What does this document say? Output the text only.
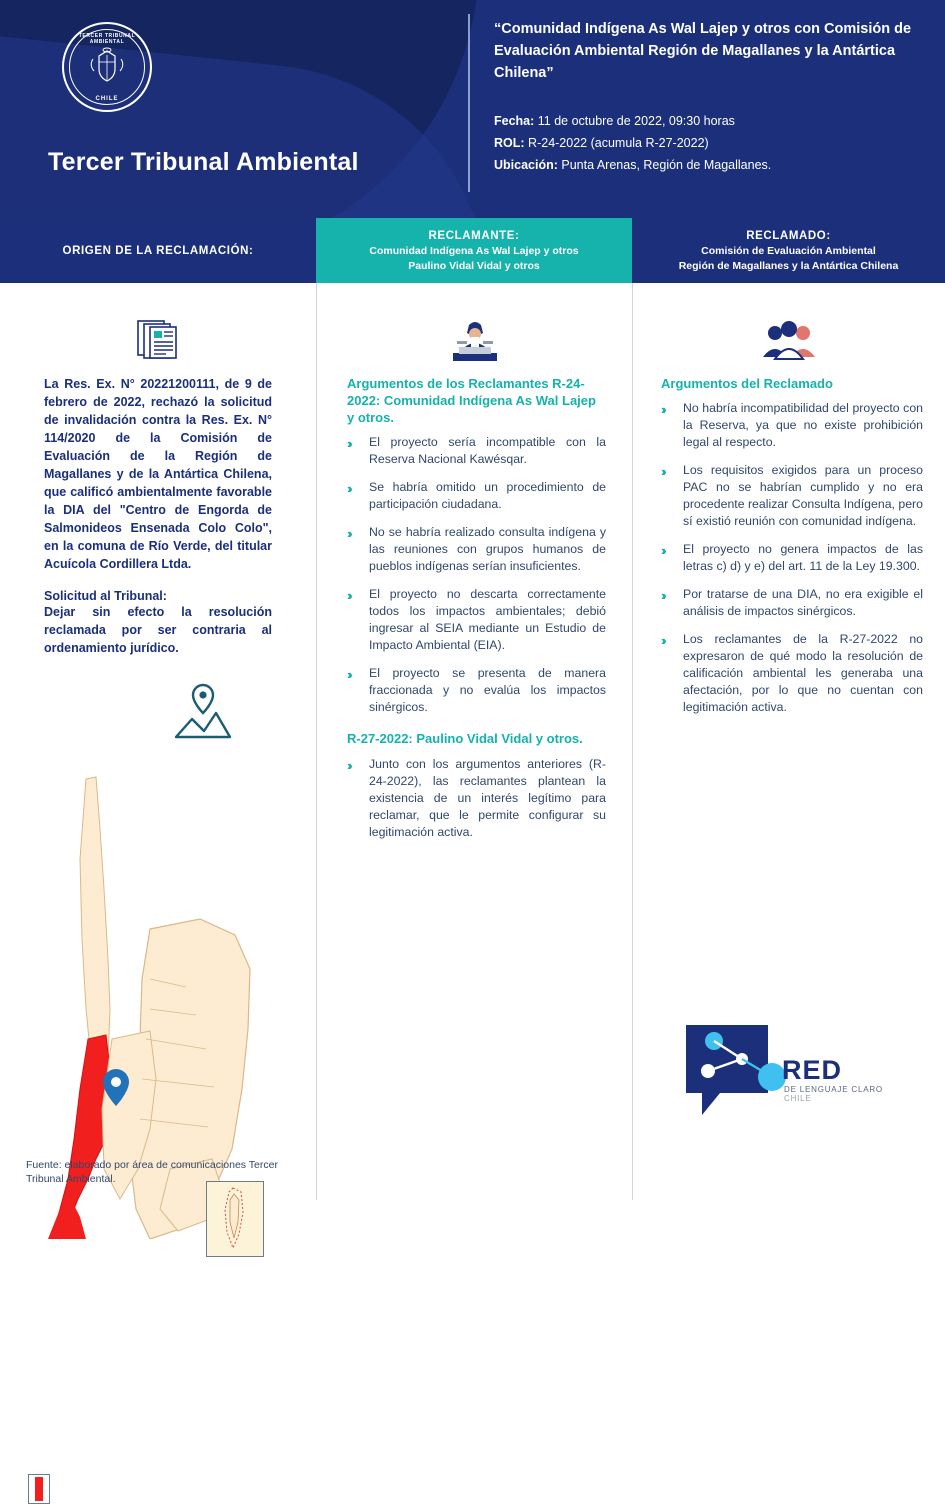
TERCER TRIBUNAL AMBIENTAL
CHILE
Tercer Tribunal Ambiental
“Comunidad Indígena As Wal Lajep y otros con Comisión de Evaluación Ambiental Región de Magallanes y la Antártica Chilena”
Fecha: 11 de octubre de 2022, 09:30 horas
ROL: R-24-2022 (acumula R-27-2022)
Ubicación: Punta Arenas, Región de Magallanes.
ORIGEN DE LA RECLAMACIÓN:
RECLAMANTE:
Comunidad Indígena As Wal Lajep y otros
Paulino Vidal Vidal y otros
RECLAMADO:
Comisión de Evaluación Ambiental
Región de Magallanes y la Antártica Chilena
La Res. Ex. N° 20221200111, de 9 de febrero de 2022, rechazó la solicitud de invalidación contra la Res. Ex. N° 114/2020 de la Comisión de Evaluación de la Región de Magallanes y de la Antártica Chilena, que calificó ambientalmente favorable la DIA del "Centro de Engorda de Salmonideos Ensenada Colo Colo", en la comuna de Río Verde, del titular Acuícola Cordillera Ltda.
Solicitud al Tribunal:
Dejar sin efecto la resolución reclamada por ser contraria al ordenamiento jurídico.
Argumentos de los Reclamantes R-24-2022: Comunidad Indígena As Wal Lajep y otros.
›› El proyecto sería incompatible con la Reserva Nacional Kawésqar.
›› Se habría omitido un procedimiento de participación ciudadana.
›› No se habría realizado consulta indígena y las reuniones con grupos humanos de pueblos indígenas serían insuficientes.
›› El proyecto no descarta correctamente todos los impactos ambientales; debió ingresar al SEIA mediante un Estudio de Impacto Ambiental (EIA).
›› El proyecto se presenta de manera fraccionada y no evalúa los impactos sinérgicos.
R-27-2022: Paulino Vidal Vidal y otros.
›› Junto con los argumentos anteriores (R-24-2022), las reclamantes plantean la existencia de un interés legítimo para reclamar, que le permite configurar su legitimación activa.
Argumentos del Reclamado
›› No habría incompatibilidad del proyecto con la Reserva, ya que no existe prohibición legal al respecto.
›› Los requisitos exigidos para un proceso PAC no se habrían cumplido y no era procedente realizar Consulta Indígena, pero sí existió reunión con comunidad indígena.
›› El proyecto no genera impactos de las letras c) d) y e) del art. 11 de la Ley 19.300.
›› Por tratarse de una DIA, no era exigible el análisis de impactos sinérgicos.
›› Los reclamantes de la R-27-2022 no expresaron de qué modo la resolución de calificación ambiental les generaba una afectación, por lo que no cuentan con legitimación activa.
Fuente: elaborado por área de comunicaciones Tercer Tribunal Ambiental.
RED
DE LENGUAJE CLARO CHILE
